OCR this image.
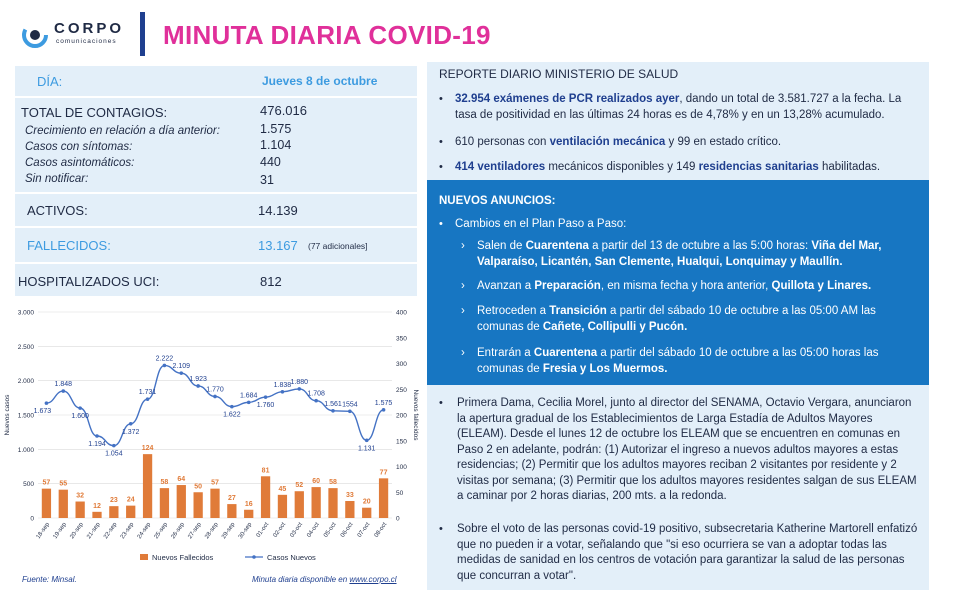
CORPO
comunicaciones MINUTA DIARIA COVID-19
DÍA:	Jueves 8 de octubre
TOTAL DE CONTAGIOS:	476.016
Crecimiento en relación a día anterior:	1.575
Casos con síntomas:	1.104
Casos asintomáticos:	440
Sin notificar:	31
ACTIVOS:	14.139
FALLECIDOS:	13.167 (77 adicionales]
HOSPITALIZADOS UCI:	812
REPORTE DIARIO MINISTERIO DE SALUD
• 32.954 exámenes de PCR realizados ayer, dando un total de 3.581.727 a la fecha. La tasa de positividad en las últimas 24 horas es de 4,78% y en un 13,28% acumulado.
• 610 personas con ventilación mecánica y 99 en estado crítico.
• 414 ventiladores mecánicos disponibles y 149 residencias sanitarias habilitadas.
NUEVOS ANUNCIOS:
• Cambios en el Plan Paso a Paso:
› Salen de Cuarentena a partir del 13 de octubre a las 5:00 horas: Viña del Mar, Valparaíso, Licantén, San Clemente, Hualqui, Lonquimay y Maullín.
› Avanzan a Preparación, en misma fecha y hora anterior, Quillota y Linares.
› Retroceden a Transición a partir del sábado 10 de octubre a las 05:00 AM las comunas de Cañete, Collipulli y Pucón.
› Entrarán a Cuarentena a partir del sábado 10 de octubre a las 05:00 horas las comunas de Fresia y Los Muermos.
• Primera Dama, Cecilia Morel, junto al director del SENAMA, Octavio Vergara, anunciaron la apertura gradual de los Establecimientos de Larga Estadía de Adultos Mayores (ELEAM). Desde el lunes 12 de octubre los ELEAM que se encuentren en comunas en Paso 2 en adelante, podrán: (1) Autorizar el ingreso a nuevos adultos mayores a estas residencias; (2) Permitir que los adultos mayores reciban 2 visitantes por residente y 2 visitas por semana; (3) Permitir que los adultos mayores residentes salgan de sus ELEAM a caminar por 2 horas diarias, 200 mts. a la redonda.
• Sobre el voto de las personas covid-19 positivo, subsecretaria Katherine Martorell enfatizó que no pueden ir a votar, señalando que "si eso ocurriera se van a adoptar todas las medidas de sanidad en los centros de votación para garantizar la salud de las personas que concurran a votar".
0
500
1.000
1.500
2.000
2.500
3.000
0
50
100
150
200
250
300
350
400
Nuevos casos	Nuevos fallecidos
18-sep 19-sep 20-sep 21-sep 22-sep 23-sep 24-sep 25-sep 26-sep 27-sep 28-sep 29-sep 30-sep 01-oct 02-oct 03-oct 04-oct 05-oct 06-oct 07-oct 08-oct
1.673
1.848
1.600
1.194
1.054
1.372
1.731
2.222
2.109
1.923
1.770
1.622
1.684
1.760
1.838 1.880
1.708
1.561 1554
1.131
1.575
57 55
32
12
23 24
124
58 64
50
57
27
16
81
45
52
60 58
33
20
77
Nuevos Fallecidos	Casos Nuevos
Fuente: Minsal.	Minuta diaria disponible en www.corpo.cl
